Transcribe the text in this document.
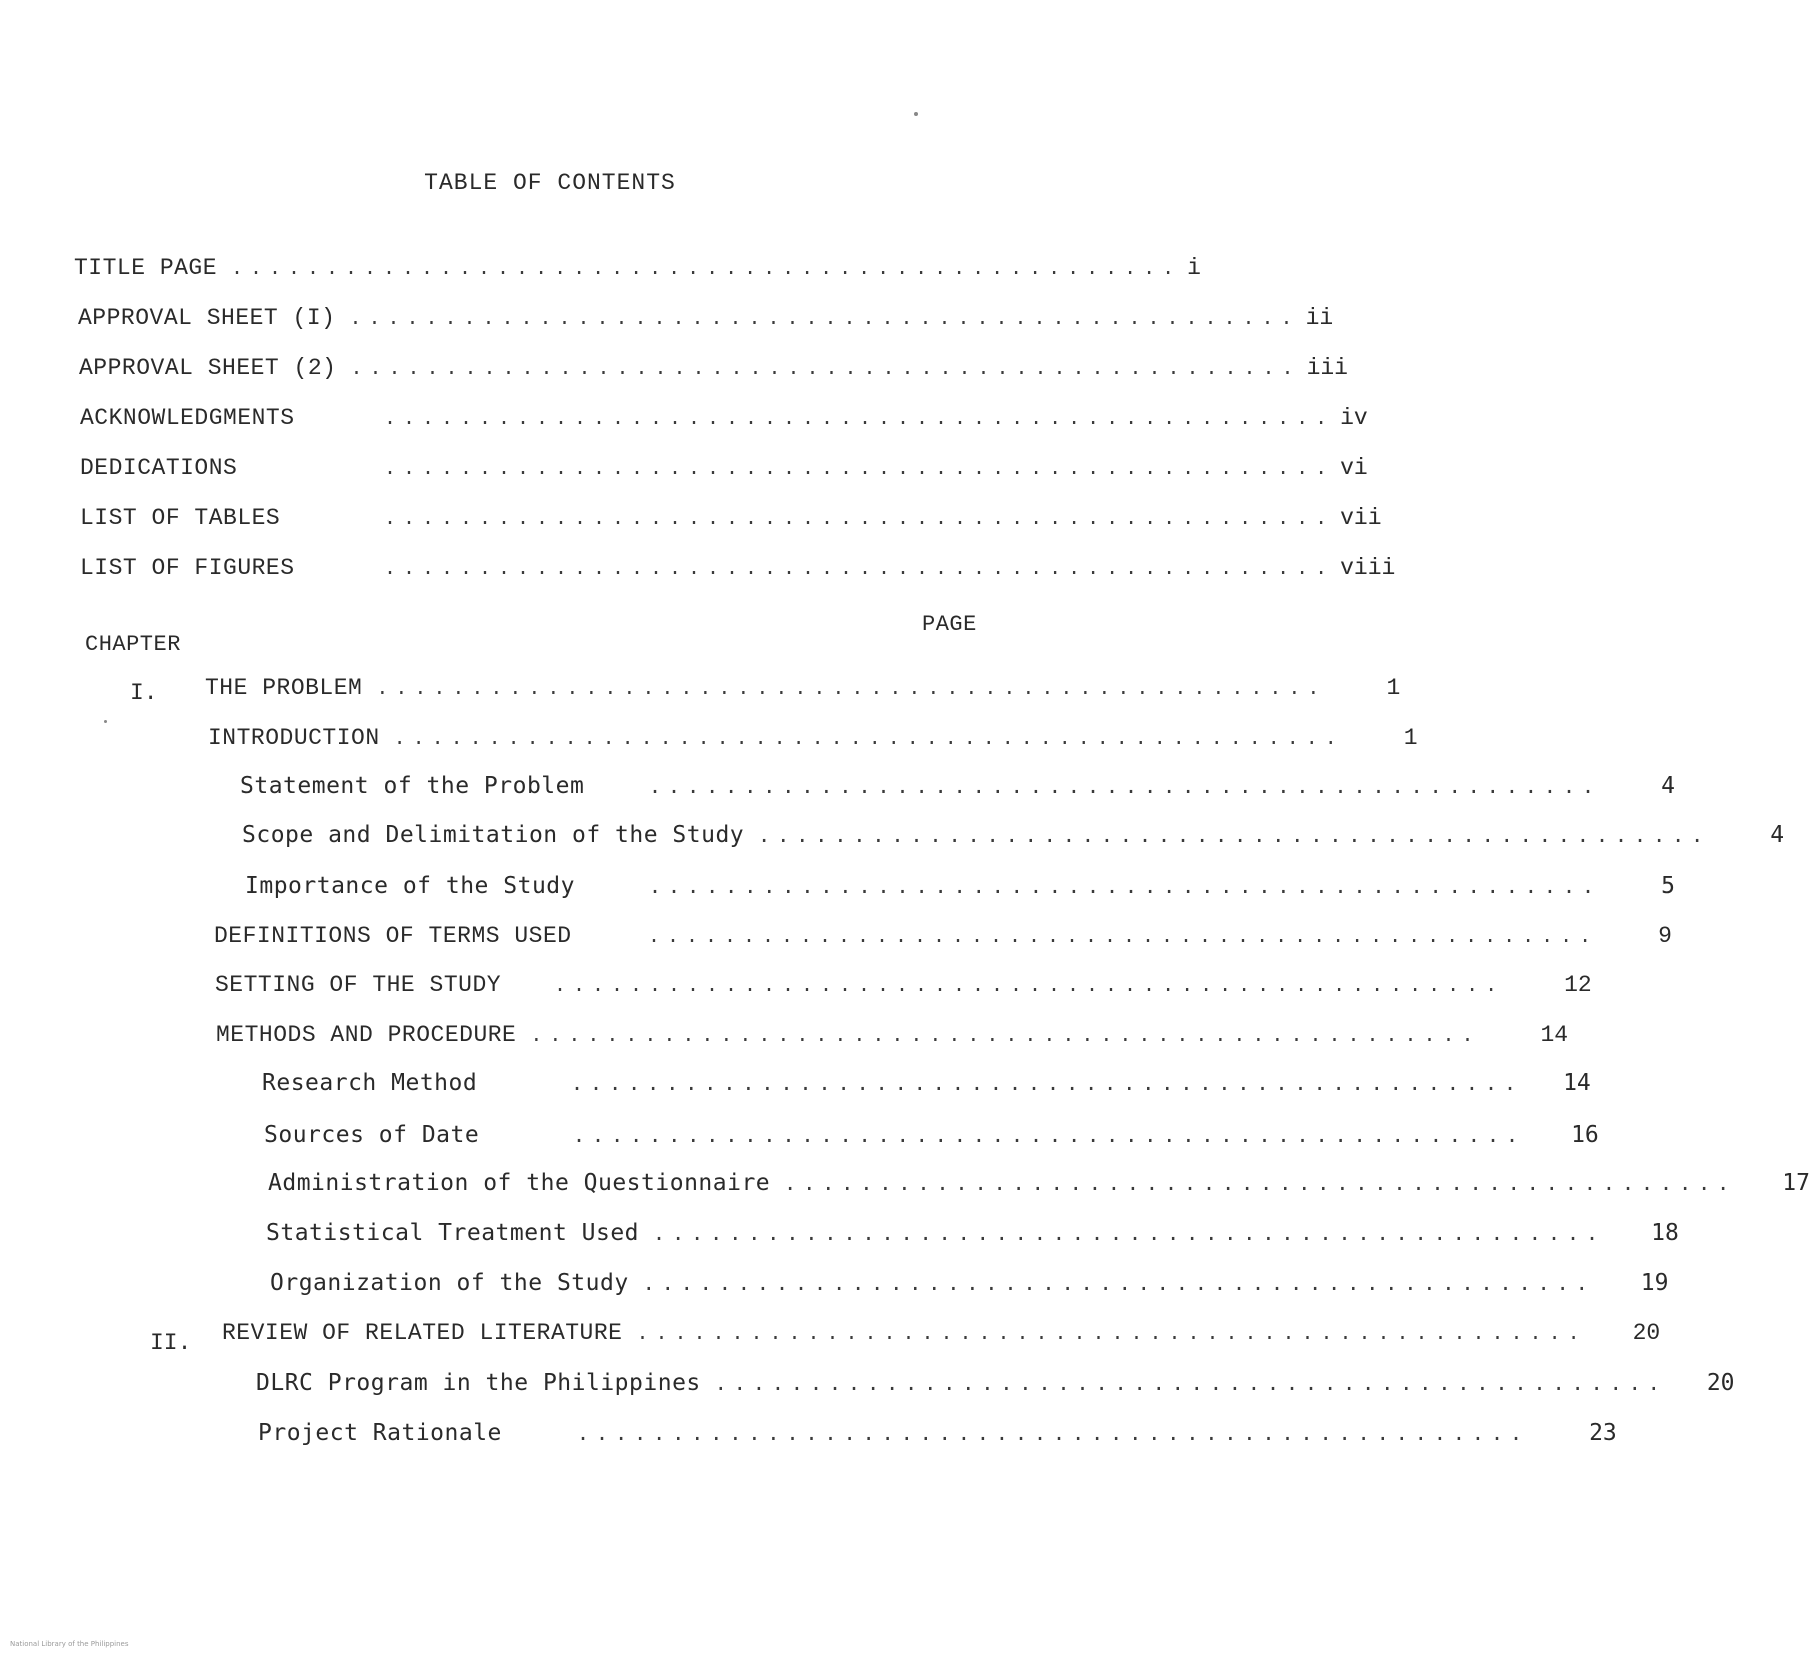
TABLE OF CONTENTS
TITLE PAGE .................................................. i
APPROVAL SHEET (I) .................................................. ii
APPROVAL SHEET (2) .................................................. iii
ACKNOWLEDGMENTS	.................................................. iv
DEDICATIONS	.................................................. vi
LIST OF TABLES	.................................................. vii
LIST OF FIGURES	.................................................. viii
PAGE
CHAPTER
I. THE PROBLEM ..................................................	1
INTRODUCTION ..................................................	1
Statement of the Problem	..................................................	4
Scope and Delimitation of the Study ..................................................	4
Importance of the Study	..................................................	5
DEFINITIONS OF TERMS USED	..................................................	9
SETTING OF THE STUDY	..................................................	12
METHODS AND PROCEDURE ..................................................	14
Research Method	.................................................. 14
Sources of Date	.................................................. 16
Administration of the Questionnaire .................................................. 17
Statistical Treatment Used .................................................. 18
Organization of the Study .................................................. 19
II. REVIEW OF RELATED LITERATURE .................................................. 20
DLRC Program in the Philippines .................................................. 20
Project Rationale	..................................................	23
National Library of the Philippines
